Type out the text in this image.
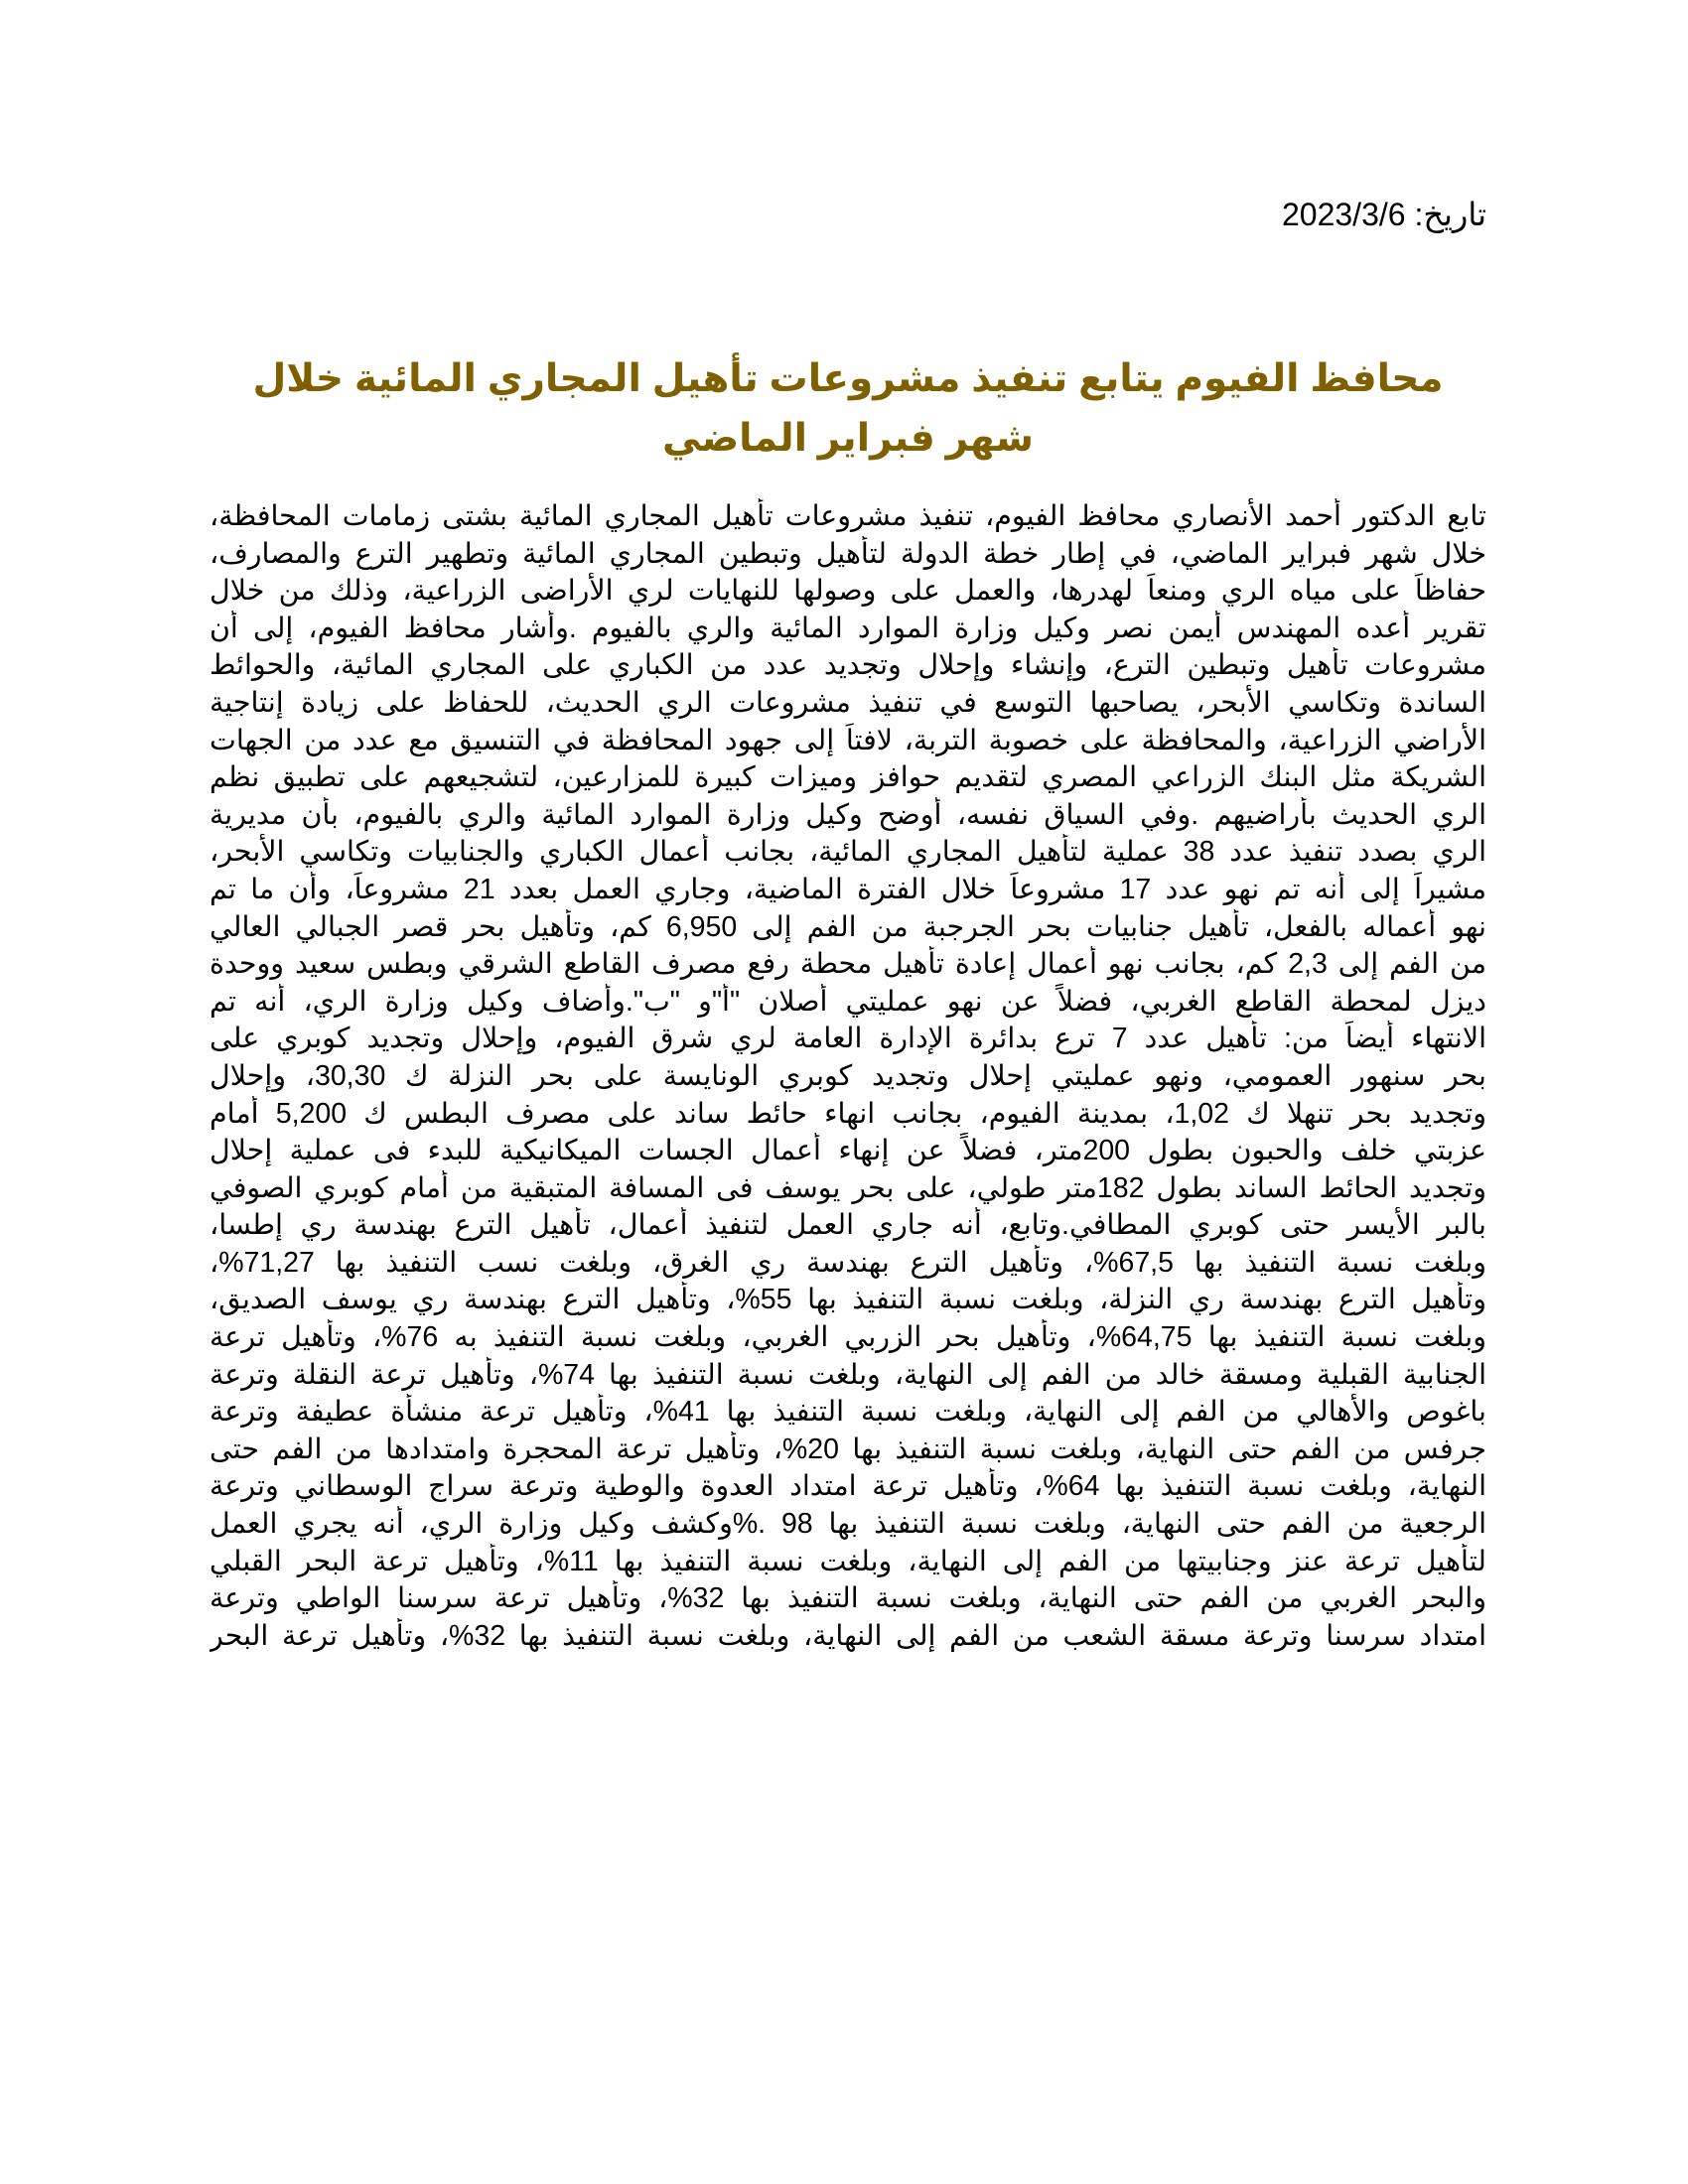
تاريخ: 2023/3/6
محافظ الفيوم يتابع تنفيذ مشروعات تأهيل المجاري المائية خلال شهر فبراير الماضي
تابع الدكتور أحمد الأنصاري محافظ الفيوم، تنفيذ مشروعات تأهيل المجاري المائية بشتى زمامات المحافظة،
خلال شهر فبراير الماضي، في إطار خطة الدولة لتأهيل وتبطين المجاري المائية وتطهير الترع والمصارف،
حفاظاً على مياه الري ومنعاً لهدرها، والعمل على وصولها للنهايات لري الأراضى الزراعية، وذلك من خلال
تقرير أعده المهندس أيمن نصر وكيل وزارة الموارد المائية والري بالفيوم .وأشار محافظ الفيوم، إلى أن
مشروعات تأهيل وتبطين الترع، وإنشاء وإحلال وتجديد عدد من الكباري على المجاري المائية، والحوائط
الساندة وتكاسي الأبحر، يصاحبها التوسع في تنفيذ مشروعات الري الحديث، للحفاظ على زيادة إنتاجية
الأراضي الزراعية، والمحافظة على خصوبة التربة، لافتاً إلى جهود المحافظة في التنسيق مع عدد من الجهات
الشريكة مثل البنك الزراعي المصري لتقديم حوافز وميزات كبيرة للمزارعين، لتشجيعهم على تطبيق نظم
الري الحديث بأراضيهم .وفي السياق نفسه، أوضح وكيل وزارة الموارد المائية والري بالفيوم، بأن مديرية
الري بصدد تنفيذ عدد 38 عملية لتأهيل المجاري المائية، بجانب أعمال الكباري والجنابيات وتكاسي الأبحر،
مشيراً إلى أنه تم نهو عدد 17 مشروعاً خلال الفترة الماضية، وجاري العمل بعدد 21 مشروعاً، وأن ما تم
نهو أعماله بالفعل، تأهيل جنابيات بحر الجرجبة من الفم إلى 6,950 كم، وتأهيل بحر قصر الجبالي العالي
من الفم إلى 2,3 كم، بجانب نهو أعمال إعادة تأهيل محطة رفع مصرف القاطع الشرقي وبطس سعيد ووحدة
ديزل لمحطة القاطع الغربي، فضلاً عن نهو عمليتي أصلان "أ"و "ب".وأضاف وكيل وزارة الري، أنه تم
الانتهاء أيضاً من: تأهيل عدد 7 ترع بدائرة الإدارة العامة لري شرق الفيوم، وإحلال وتجديد كوبري على
بحر سنهور العمومي، ونهو عمليتي إحلال وتجديد كوبري الونايسة على بحر النزلة ك 30,30، وإحلال
وتجديد بحر تنهلا ك 1,02، بمدينة الفيوم، بجانب انهاء حائط ساند على مصرف البطس ك 5,200 أمام
عزبتي خلف والحبون بطول 200متر، فضلاً عن إنهاء أعمال الجسات الميكانيكية للبدء فى عملية إحلال
وتجديد الحائط الساند بطول 182متر طولي، على بحر يوسف فى المسافة المتبقية من أمام كوبري الصوفي
بالبر الأيسر حتى كوبري المطافي.وتابع، أنه جاري العمل لتنفيذ أعمال، تأهيل الترع بهندسة ري إطسا،
وبلغت نسبة التنفيذ بها 67,5%، وتأهيل الترع بهندسة ري الغرق، وبلغت نسب التنفيذ بها 71,27%،
وتأهيل الترع بهندسة ري النزلة، وبلغت نسبة التنفيذ بها 55%، وتأهيل الترع بهندسة ري يوسف الصديق،
وبلغت نسبة التنفيذ بها 64,75%، وتأهيل بحر الزربي الغربي، وبلغت نسبة التنفيذ به 76%، وتأهيل ترعة
الجنابية القبلية ومسقة خالد من الفم إلى النهاية، وبلغت نسبة التنفيذ بها 74%، وتأهيل ترعة النقلة وترعة
باغوص والأهالي من الفم إلى النهاية، وبلغت نسبة التنفيذ بها 41%، وتأهيل ترعة منشأة عطيفة وترعة
جرفس من الفم حتى النهاية، وبلغت نسبة التنفيذ بها 20%، وتأهيل ترعة المحجرة وامتدادها من الفم حتى
النهاية، وبلغت نسبة التنفيذ بها 64%، وتأهيل ترعة امتداد العدوة والوطية وترعة سراج الوسطاني وترعة
الرجعية من الفم حتى النهاية، وبلغت نسبة التنفيذ بها 98 .%وكشف وكيل وزارة الري، أنه يجري العمل
لتأهيل ترعة عنز وجنابيتها من الفم إلى النهاية، وبلغت نسبة التنفيذ بها 11%، وتأهيل ترعة البحر القبلي
والبحر الغربي من الفم حتى النهاية، وبلغت نسبة التنفيذ بها 32%، وتأهيل ترعة سرسنا الواطي وترعة
امتداد سرسنا وترعة مسقة الشعب من الفم إلى النهاية، وبلغت نسبة التنفيذ بها 32%، وتأهيل ترعة البحر
